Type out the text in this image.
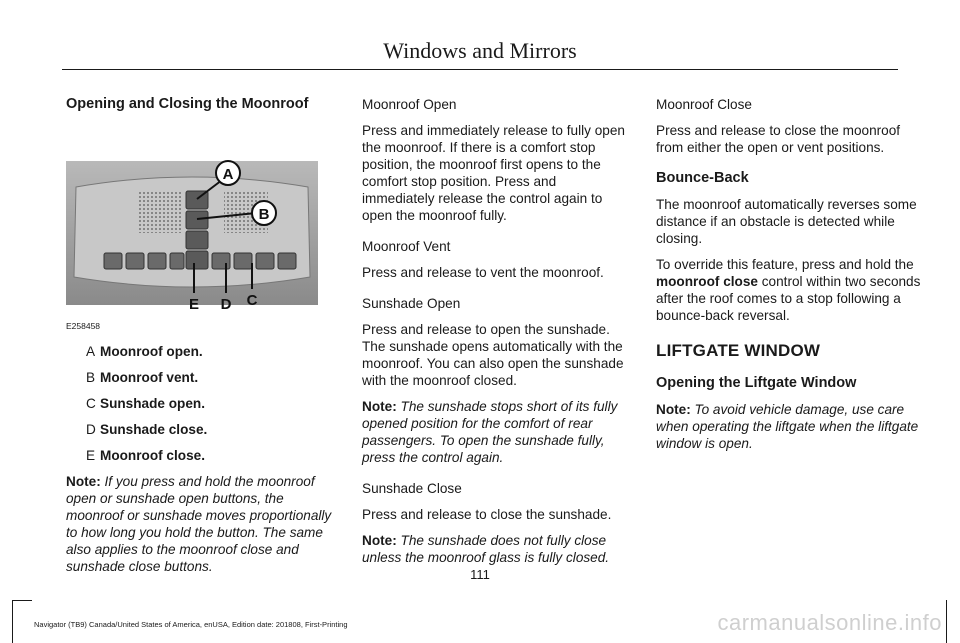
Windows and Mirrors
Opening and Closing the Moonroof
A
B
C
D
E
E258458
A Moonroof open.
B Moonroof vent.
C Sunshade open.
D Sunshade close.
E Moonroof close.

Note: If you press and hold the moonroof open or sunshade open buttons, the moonroof or sunshade moves proportionally to how long you hold the button. The same also applies to the moonroof close and sunshade close buttons.

Moonroof Open

Press and immediately release to fully open the moonroof. If there is a comfort stop position, the moonroof first opens to the comfort stop position. Press and immediately release the control again to open the moonroof fully.

Moonroof Vent

Press and release to vent the moonroof.

Sunshade Open

Press and release to open the sunshade. The sunshade opens automatically with the moonroof. You can also open the sunshade with the moonroof closed.

Note: The sunshade stops short of its fully opened position for the comfort of rear passengers. To open the sunshade fully, press the control again.

Sunshade Close

Press and release to close the sunshade.

Note: The sunshade does not fully close unless the moonroof glass is fully closed.

Moonroof Close

Press and release to close the moonroof from either the open or vent positions.

Bounce-Back

The moonroof automatically reverses some distance if an obstacle is detected while closing.

To override this feature, press and hold the moonroof close control within two seconds after the roof comes to a stop following a bounce-back reversal.

LIFTGATE WINDOW

Opening the Liftgate Window

Note: To avoid vehicle damage, use care when operating the liftgate when the liftgate window is open.

111
Navigator (TB9) Canada/United States of America, enUSA, Edition date: 201808, First-Printing	carmanualsonline.info
